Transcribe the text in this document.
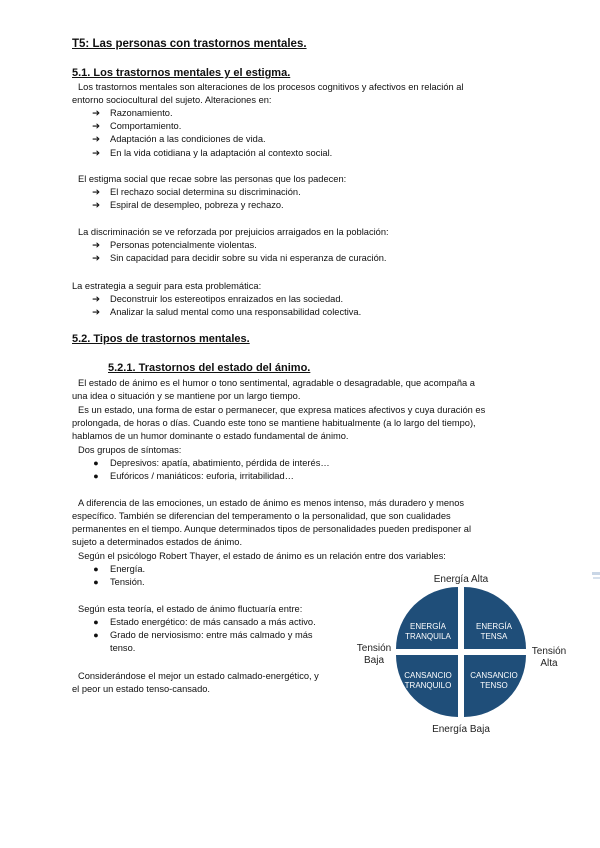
T5: Las personas con trastornos mentales.
5.1. Los trastornos mentales y el estigma.
Los trastornos mentales son alteraciones de los procesos cognitivos y afectivos en relación al
entorno sociocultural del sujeto. Alteraciones en:
➔	Razonamiento.
➔	Comportamiento.
➔	Adaptación a las condiciones de vida.
➔	En la vida cotidiana y la adaptación al contexto social.
El estigma social que recae sobre las personas que los padecen:
➔	El rechazo social determina su discriminación.
➔	Espiral de desempleo, pobreza y rechazo.
La discriminación se ve reforzada por prejuicios arraigados en la población:
➔	Personas potencialmente violentas.
➔	Sin capacidad para decidir sobre su vida ni esperanza de curación.
La estrategia a seguir para esta problemática:
➔	Deconstruir los estereotipos enraizados en las sociedad.
➔	Analizar la salud mental como una responsabilidad colectiva.
5.2. Tipos de trastornos mentales.
5.2.1. Trastornos del estado del ánimo.
El estado de ánimo es el humor o tono sentimental, agradable o desagradable, que acompaña a
una idea o situación y se mantiene por un largo tiempo.
Es un estado, una forma de estar o permanecer, que expresa matices afectivos y cuya duración es
prolongada, de horas o días. Cuando este tono se mantiene habitualmente (a lo largo del tiempo),
hablamos de un humor dominante o estado fundamental de ánimo.
Dos grupos de síntomas:
●	Depresivos: apatía, abatimiento, pérdida de interés…
●	Eufóricos / maniáticos: euforia, irritabilidad…
A diferencia de las emociones, un estado de ánimo es menos intenso, más duradero y menos
específico. También se diferencian del temperamento o la personalidad, que son cualidades
permanentes en el tiempo. Aunque determinados tipos de personalidades pueden predisponer al
sujeto a determinados estados de ánimo.
Según el psicólogo Robert Thayer, el estado de ánimo es un relación entre dos variables:
●	Energía.
●	Tensión.
Según esta teoría, el estado de ánimo fluctuaría entre:
●	Estado energético: de más cansado a más activo.
●	Grado de nerviosismo: entre más calmado y más
tenso.
Considerándose el mejor un estado calmado-energético, y
el peor un estado tenso-cansado.
ENERGÍA
TRANQUILA
ENERGÍA
TENSA
CANSANCIO
TRANQUILO
CANSANCIO
TENSO
Energía Alta
Energía Baja
Tensión
Baja
Tensión
Alta
